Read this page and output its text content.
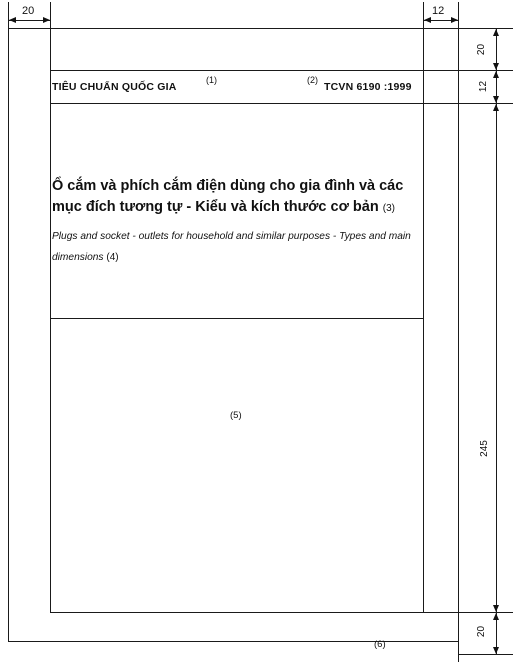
20	12
20
12
245
20
TIÊU CHUẨN QUỐC GIA
(1)	(2)
TCVN 6190 :1999
Ổ cắm và phích cắm điện dùng cho gia đình và các mục đích tương tự - Kiểu và kích thước cơ bản (3)
Plugs and socket - outlets for household and similar purposes - Types and main dimensions (4)
(5)
(6)
